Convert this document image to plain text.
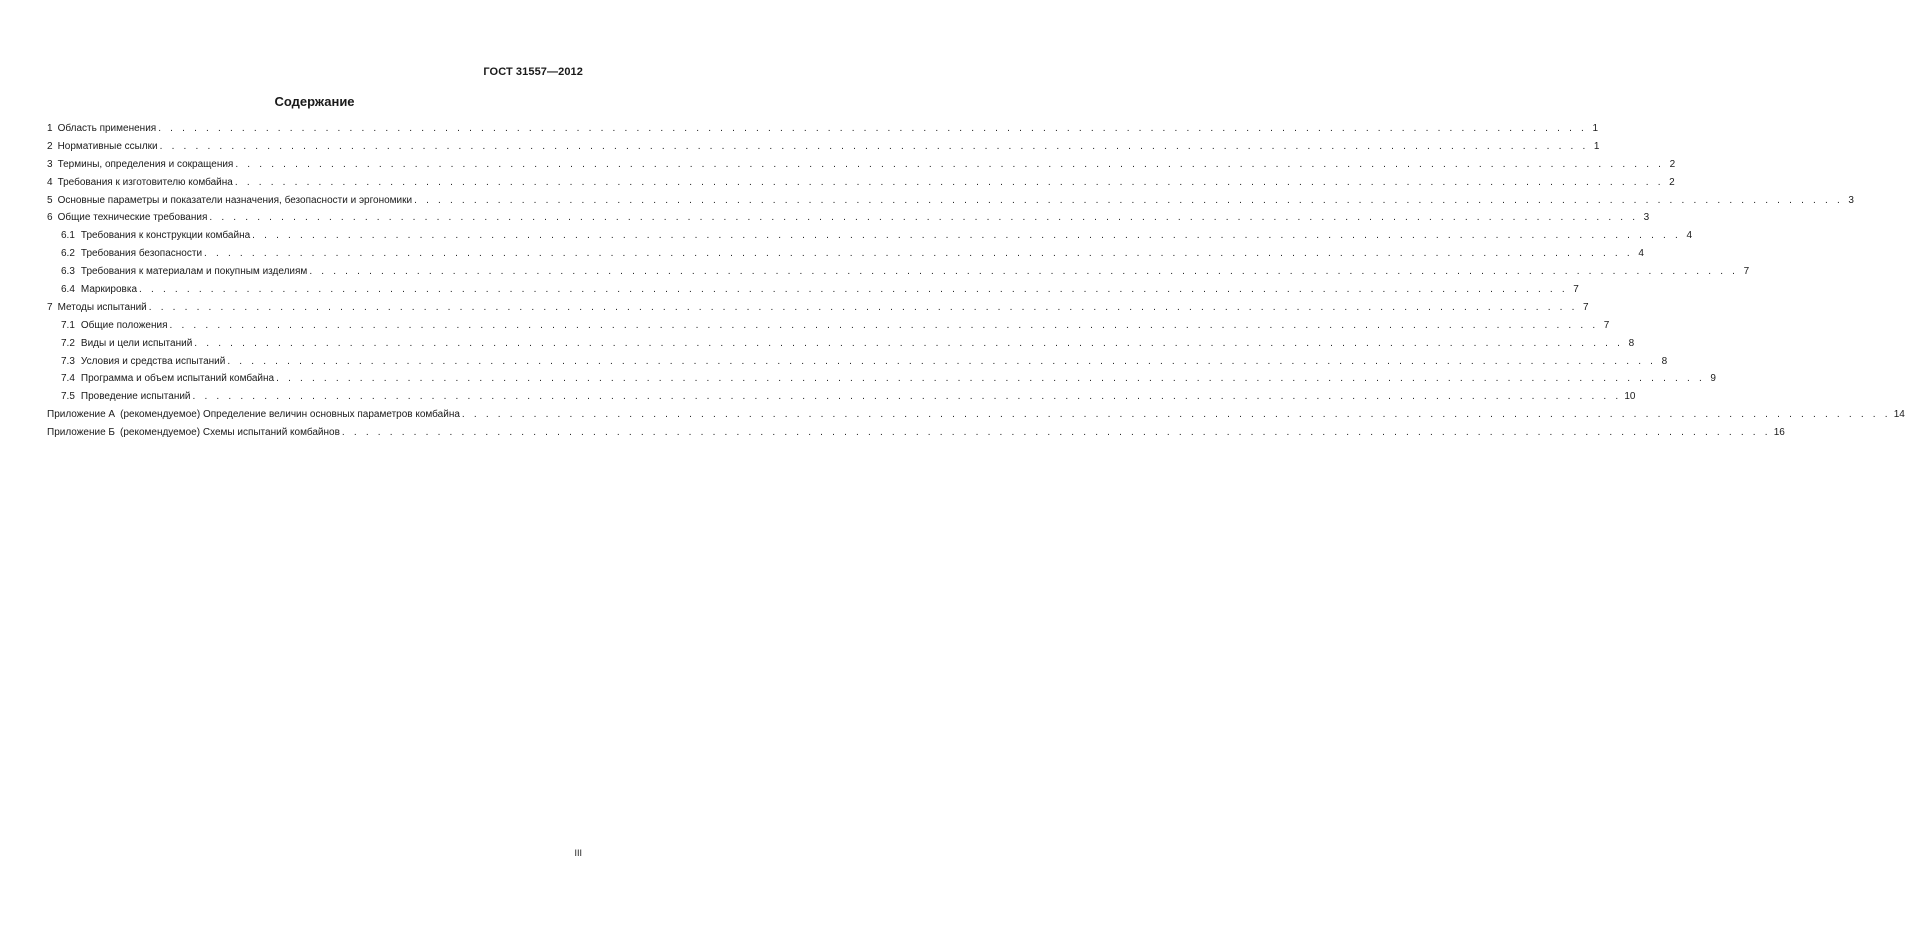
ГОСТ 31557—2012
Содержание
1 Область применения . . . . . . . . . . . . . . . . . . . . . . . . . . . . . . . . . . . . . . . . . . . . . . . . . . . . . . . . . . . . . . . . . . . . . . . . . . . . . . . . . . . . . . . . . . . . . . . . . . . . . . . . . . . . . . . . . . . . . . . . 1
2 Нормативные ссылки . . . . . . . . . . . . . . . . . . . . . . . . . . . . . . . . . . . . . . . . . . . . . . . . . . . . . . . . . . . . . . . . . . . . . . . . . . . . . . . . . . . . . . . . . . . . . . . . . . . . . . . . . . . . . . . . . . . . . . . . 1
3 Термины, определения и сокращения . . . . . . . . . . . . . . . . . . . . . . . . . . . . . . . . . . . . . . . . . . . . . . . . . . . . . . . . . . . . . . . . . . . . . . . . . . . . . . . . . . . . . . . . . . . . . . . . . . . . . . . . . . . . . . . . . . . . . . . . 2
4 Требования к изготовителю комбайна . . . . . . . . . . . . . . . . . . . . . . . . . . . . . . . . . . . . . . . . . . . . . . . . . . . . . . . . . . . . . . . . . . . . . . . . . . . . . . . . . . . . . . . . . . . . . . . . . . . . . . . . . . . . . . . . . . . . . . . . 2
5 Основные параметры и показатели назначения, безопасности и эргономики . . . . . . . . . . . . . . . . . . . . . . . . . . . . . . . . . . . . . . . . . . . . . . . . . . . . . . . . . . . . . . . . . . . . . . . . . . . . . . . . . . . . . . . . . . . . . . . . . . . . . . . . . . . . . . . . . . . . . . . . 3
6 Общие технические требования . . . . . . . . . . . . . . . . . . . . . . . . . . . . . . . . . . . . . . . . . . . . . . . . . . . . . . . . . . . . . . . . . . . . . . . . . . . . . . . . . . . . . . . . . . . . . . . . . . . . . . . . . . . . . . . . . . . . . . . . 3
6.1 Требования к конструкции комбайна . . . . . . . . . . . . . . . . . . . . . . . . . . . . . . . . . . . . . . . . . . . . . . . . . . . . . . . . . . . . . . . . . . . . . . . . . . . . . . . . . . . . . . . . . . . . . . . . . . . . . . . . . . . . . . . . . . . . . . . . 4
6.2 Требования безопасности . . . . . . . . . . . . . . . . . . . . . . . . . . . . . . . . . . . . . . . . . . . . . . . . . . . . . . . . . . . . . . . . . . . . . . . . . . . . . . . . . . . . . . . . . . . . . . . . . . . . . . . . . . . . . . . . . . . . . . . . 4
6.3 Требования к материалам и покупным изделиям . . . . . . . . . . . . . . . . . . . . . . . . . . . . . . . . . . . . . . . . . . . . . . . . . . . . . . . . . . . . . . . . . . . . . . . . . . . . . . . . . . . . . . . . . . . . . . . . . . . . . . . . . . . . . . . . . . . . . . . . 7
6.4 Маркировка . . . . . . . . . . . . . . . . . . . . . . . . . . . . . . . . . . . . . . . . . . . . . . . . . . . . . . . . . . . . . . . . . . . . . . . . . . . . . . . . . . . . . . . . . . . . . . . . . . . . . . . . . . . . . . . . . . . . . . . . 7
7 Методы испытаний . . . . . . . . . . . . . . . . . . . . . . . . . . . . . . . . . . . . . . . . . . . . . . . . . . . . . . . . . . . . . . . . . . . . . . . . . . . . . . . . . . . . . . . . . . . . . . . . . . . . . . . . . . . . . . . . . . . . . . . . 7
7.1 Общие положения . . . . . . . . . . . . . . . . . . . . . . . . . . . . . . . . . . . . . . . . . . . . . . . . . . . . . . . . . . . . . . . . . . . . . . . . . . . . . . . . . . . . . . . . . . . . . . . . . . . . . . . . . . . . . . . . . . . . . . . . 7
7.2 Виды и цели испытаний . . . . . . . . . . . . . . . . . . . . . . . . . . . . . . . . . . . . . . . . . . . . . . . . . . . . . . . . . . . . . . . . . . . . . . . . . . . . . . . . . . . . . . . . . . . . . . . . . . . . . . . . . . . . . . . . . . . . . . . . 8
7.3 Условия и средства испытаний . . . . . . . . . . . . . . . . . . . . . . . . . . . . . . . . . . . . . . . . . . . . . . . . . . . . . . . . . . . . . . . . . . . . . . . . . . . . . . . . . . . . . . . . . . . . . . . . . . . . . . . . . . . . . . . . . . . . . . . . 8
7.4 Программа и объем испытаний комбайна . . . . . . . . . . . . . . . . . . . . . . . . . . . . . . . . . . . . . . . . . . . . . . . . . . . . . . . . . . . . . . . . . . . . . . . . . . . . . . . . . . . . . . . . . . . . . . . . . . . . . . . . . . . . . . . . . . . . . . . . 9
7.5 Проведение испытаний . . . . . . . . . . . . . . . . . . . . . . . . . . . . . . . . . . . . . . . . . . . . . . . . . . . . . . . . . . . . . . . . . . . . . . . . . . . . . . . . . . . . . . . . . . . . . . . . . . . . . . . . . . . . . . . . . . . . . . . . 10
Приложение А (рекомендуемое) Определение величин основных параметров комбайна . . . . . . . . . . . . . . . . . . . . . . . . . . . . . . . . . . . . . . . . . . . . . . . . . . . . . . . . . . . . . . . . . . . . . . . . . . . . . . . . . . . . . . . . . . . . . . . . . . . . . . . . . . . . . . . . . . . . . . . . 14
Приложение Б (рекомендуемое) Схемы испытаний комбайнов . . . . . . . . . . . . . . . . . . . . . . . . . . . . . . . . . . . . . . . . . . . . . . . . . . . . . . . . . . . . . . . . . . . . . . . . . . . . . . . . . . . . . . . . . . . . . . . . . . . . . . . . . . . . . . . . . . . . . . . . 16
III
